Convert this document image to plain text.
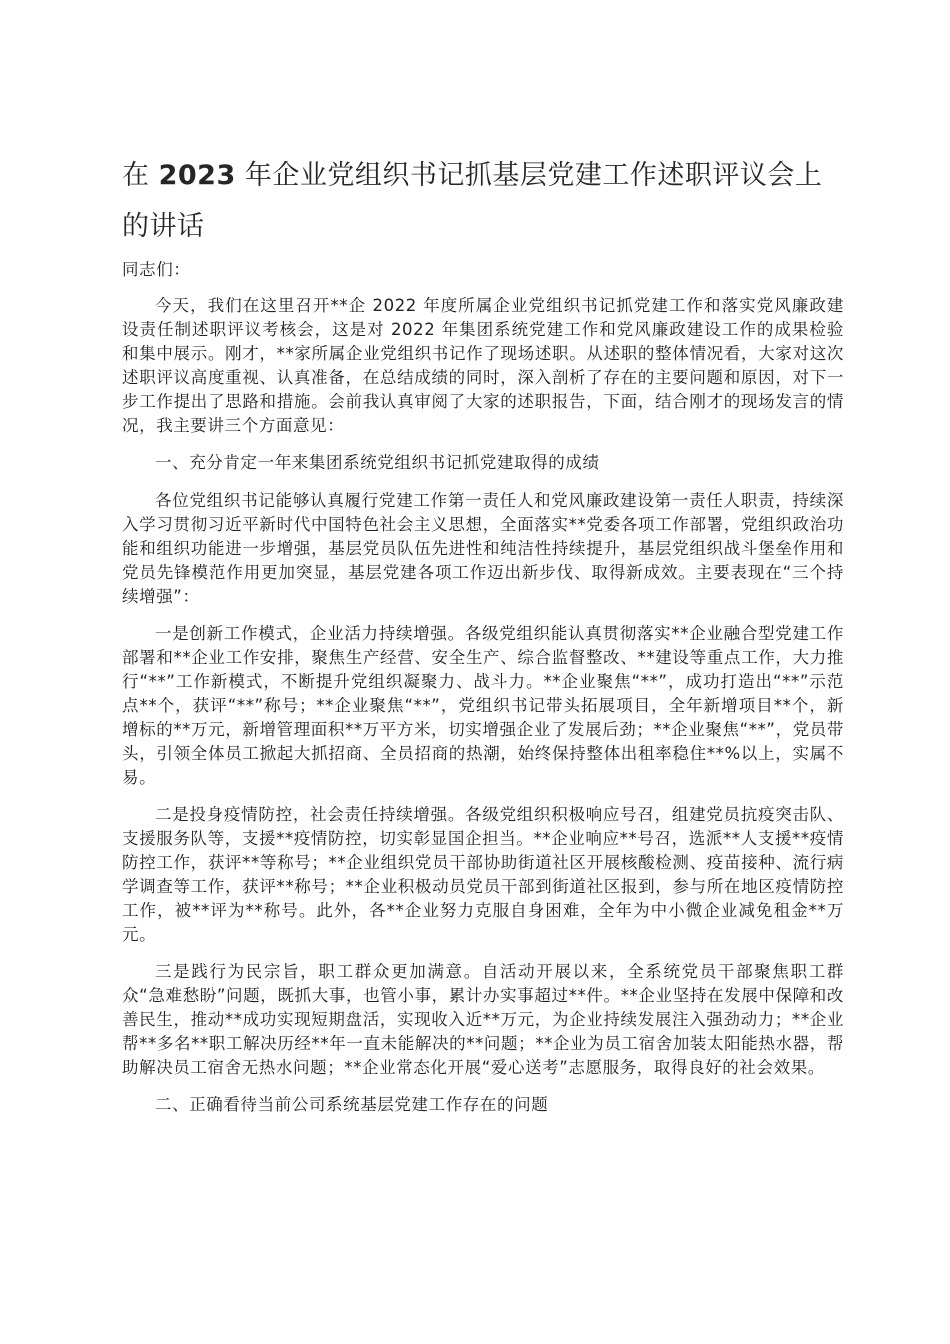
在 2023 年企业党组织书记抓基层党建工作述职评议会上的讲话

同志们：

今天，我们在这里召开**企 2022 年度所属企业党组织书记抓党建工作和落实党风廉政建设责任制述职评议考核会，这是对 2022 年集团系统党建工作和党风廉政建设工作的成果检验和集中展示。刚才，**家所属企业党组织书记作了现场述职。从述职的整体情况看，大家对这次述职评议高度重视、认真准备，在总结成绩的同时，深入剖析了存在的主要问题和原因，对下一步工作提出了思路和措施。会前我认真审阅了大家的述职报告，下面，结合刚才的现场发言的情况，我主要讲三个方面意见：

一、充分肯定一年来集团系统党组织书记抓党建取得的成绩

各位党组织书记能够认真履行党建工作第一责任人和党风廉政建设第一责任人职责，持续深入学习贯彻习近平新时代中国特色社会主义思想，全面落实**党委各项工作部署，党组织政治功能和组织功能进一步增强，基层党员队伍先进性和纯洁性持续提升，基层党组织战斗堡垒作用和党员先锋模范作用更加突显，基层党建各项工作迈出新步伐、取得新成效。主要表现在“三个持续增强”：

一是创新工作模式，企业活力持续增强。各级党组织能认真贯彻落实**企业融合型党建工作部署和**企业工作安排，聚焦生产经营、安全生产、综合监督整改、**建设等重点工作，大力推行“**”工作新模式，不断提升党组织凝聚力、战斗力。**企业聚焦“**”，成功打造出“**”示范点**个，获评“**”称号；**企业聚焦“**”，党组织书记带头拓展项目，全年新增项目**个，新增标的**万元，新增管理面积**万平方米，切实增强企业了发展后劲；**企业聚焦“**”，党员带头，引领全体员工掀起大抓招商、全员招商的热潮，始终保持整体出租率稳住**%以上，实属不易。

二是投身疫情防控，社会责任持续增强。各级党组织积极响应号召，组建党员抗疫突击队、支援服务队等，支援**疫情防控，切实彰显国企担当。**企业响应**号召，选派**人支援**疫情防控工作，获评**等称号；**企业组织党员干部协助街道社区开展核酸检测、疫苗接种、流行病学调查等工作，获评**称号；**企业积极动员党员干部到街道社区报到，参与所在地区疫情防控工作，被**评为**称号。此外，各**企业努力克服自身困难，全年为中小微企业减免租金**万元。

三是践行为民宗旨，职工群众更加满意。自活动开展以来，全系统党员干部聚焦职工群众“急难愁盼”问题，既抓大事，也管小事，累计办实事超过**件。**企业坚持在发展中保障和改善民生，推动**成功实现短期盘活，实现收入近**万元，为企业持续发展注入强劲动力；**企业帮**多名**职工解决历经**年一直未能解决的**问题；**企业为员工宿舍加装太阳能热水器，帮助解决员工宿舍无热水问题；**企业常态化开展“爱心送考”志愿服务，取得良好的社会效果。

二、正确看待当前公司系统基层党建工作存在的问题
